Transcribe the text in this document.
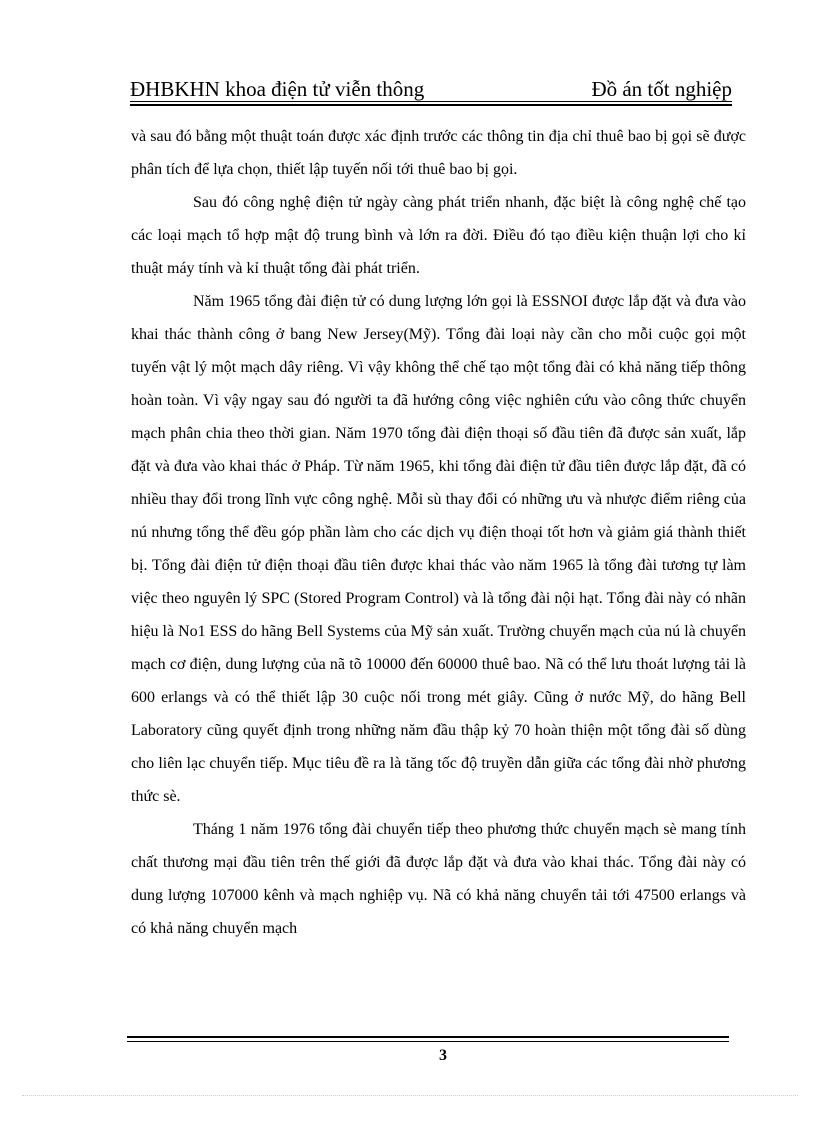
ĐHBKHN khoa điện tử viễn thông	Đồ án tốt nghiệp

và sau đó bằng một thuật toán được xác định trước các thông tin địa chỉ thuê bao bị gọi sẽ được phân tích để lựa chọn, thiết lập tuyến nối tới thuê bao bị gọi.

Sau đó công nghệ điện tử ngày càng phát triển nhanh, đặc biệt là công nghệ chế tạo các loại mạch tổ hợp mật độ trung bình và lớn ra đời. Điều đó tạo điều kiện thuận lợi cho kỉ thuật máy tính và kỉ thuật tổng đài phát triển.

Năm 1965 tổng đài điện tử có dung lượng lớn gọi là ESSNOI được lắp đặt và đưa vào khai thác thành công ở bang New Jersey(Mỹ). Tổng đài loại này cần cho mỗi cuộc gọi một tuyến vật lý một mạch dây riêng. Vì vậy không thể chế tạo một tổng đài có khả năng tiếp thông hoàn toàn. Vì vậy ngay sau đó người ta đã hướng công việc nghiên cứu vào công thức chuyển mạch phân chia theo thời gian. Năm 1970 tổng đài điện thoại số đầu tiên đã được sản xuất, lắp đặt và đưa vào khai thác ở Pháp. Từ năm 1965, khi tổng đài điện tử đầu tiên được lắp đặt, đã có nhiều thay đổi trong lĩnh vực công nghệ. Mỗi sù thay đổi có những ưu và nhược điểm riêng của nú nhưng tổng thể đều góp phần làm cho các dịch vụ điện thoại tốt hơn và giảm giá thành thiết bị. Tổng đài điện tử điện thoại đầu tiên được khai thác vào năm 1965 là tổng đài tương tự làm việc theo nguyên lý SPC (Stored Program Control) và là tổng đài nội hạt. Tổng đài này có nhãn hiệu là No1 ESS do hãng Bell Systems của Mỹ sản xuất. Trường chuyển mạch của nú là chuyển mạch cơ điện, dung lượng của nã tõ 10000 đến 60000 thuê bao. Nã có thể lưu thoát lượng tải là 600 erlangs và có thể thiết lập 30 cuộc nối trong mét giây. Cũng ở nước Mỹ, do hãng Bell Laboratory cũng quyết định trong những năm đầu thập kỷ 70 hoàn thiện một tổng đài số dùng cho liên lạc chuyển tiếp. Mục tiêu đề ra là tăng tốc độ truyền dẫn giữa các tổng đài nhờ phương thức sè.

Tháng 1 năm 1976 tổng đài chuyển tiếp theo phương thức chuyển mạch sè mang tính chất thương mại đầu tiên trên thế giới đã được lắp đặt và đưa vào khai thác. Tổng đài này có dung lượng 107000 kênh và mạch nghiệp vụ. Nã có khả năng chuyển tải tới 47500 erlangs và có khả năng chuyển mạch

3
